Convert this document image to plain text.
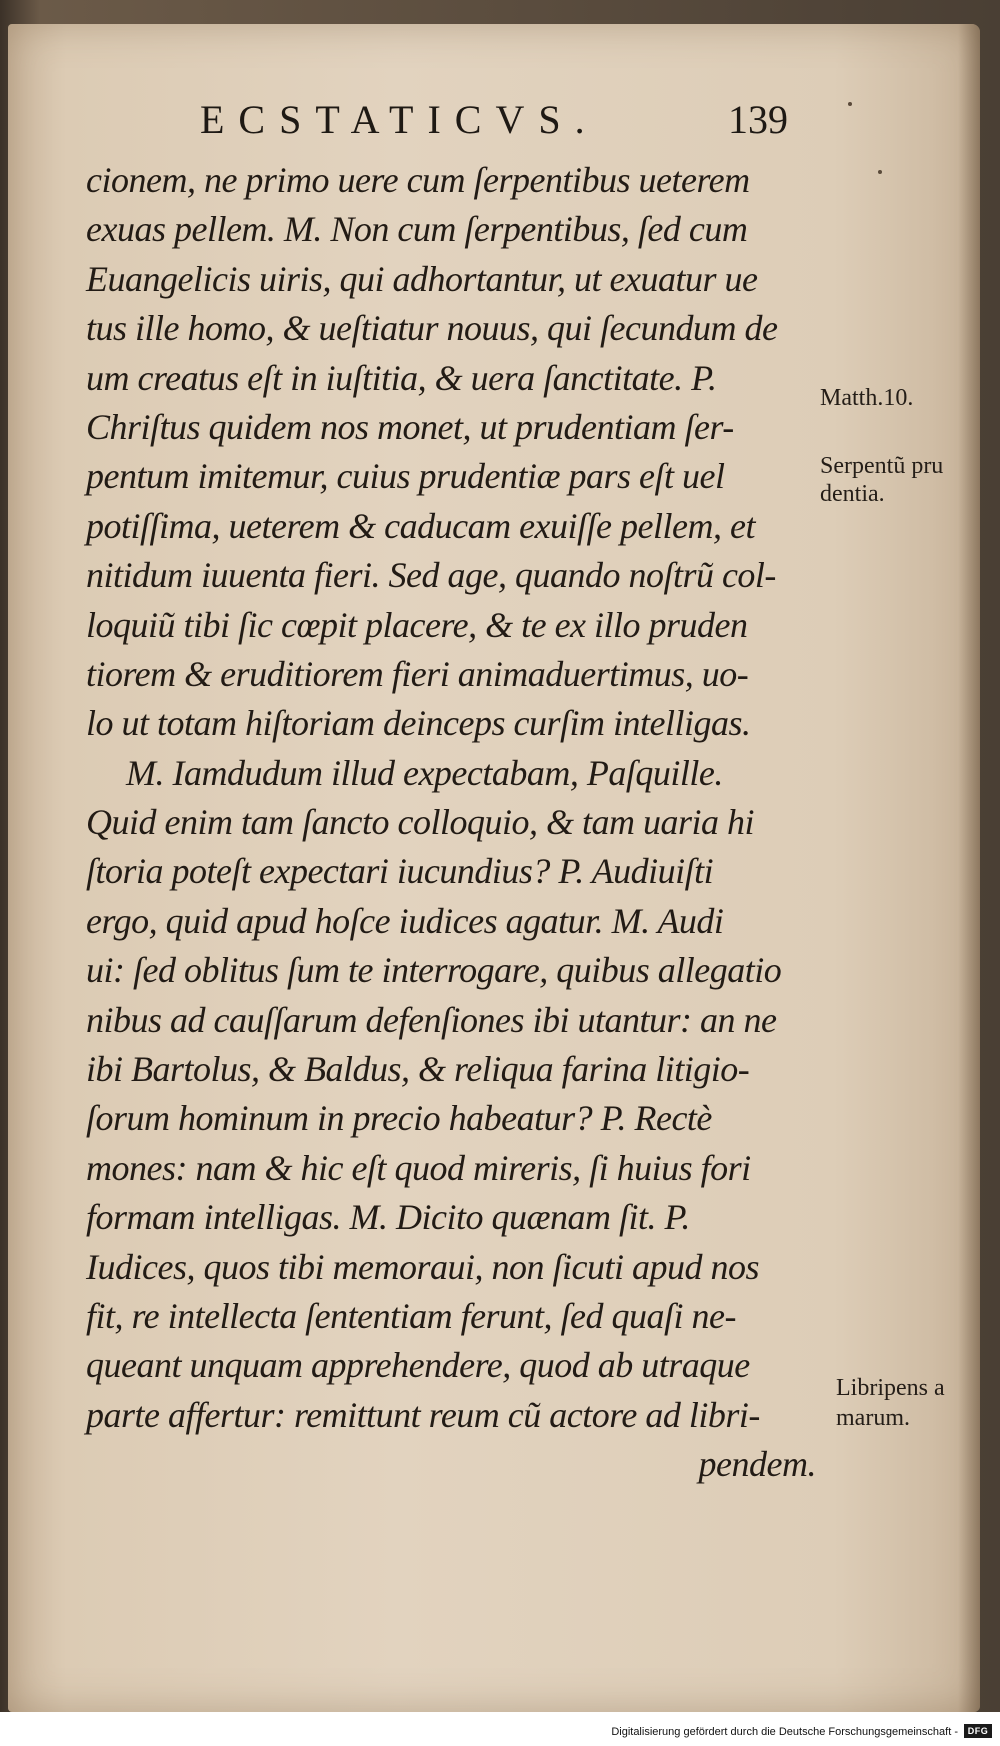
ECSTATICVS.	139
cionem, ne primo uere cum ſerpentibus ueterem
exuas pellem. M. Non cum ſerpentibus, ſed cum
Euangelicis uiris, qui adhortantur, ut exuatur ue
tus ille homo, & ueſtiatur nouus, qui ſecundum de
um creatus eſt in iuſtitia, & uera ſanctitate. P.
Chriſtus quidem nos monet, ut prudentiam ſer-
pentum imitemur, cuius prudentiæ pars eſt uel
potiſſima, ueterem & caducam exuiſſe pellem, et
nitidum iuuenta fieri. Sed age, quando noſtrũ col-
loquiũ tibi ſic cœpit placere, & te ex illo pruden
tiorem & eruditiorem fieri animaduertimus, uo-
lo ut totam hiſtoriam deinceps curſim intelligas.
M. Iamdudum illud expectabam, Paſquille.
Quid enim tam ſancto colloquio, & tam uaria hi
ſtoria poteſt expectari iucundius? P. Audiuiſti
ergo, quid apud hoſce iudices agatur. M. Audi
ui: ſed oblitus ſum te interrogare, quibus allegatio
nibus ad cauſſarum defenſiones ibi utantur: an ne
ibi Bartolus, & Baldus, & reliqua farina litigio-
ſorum hominum in precio habeatur? P. Rectè
mones: nam & hic eſt quod mireris, ſi huius fori
formam intelligas. M. Dicito quænam ſit. P.
Iudices, quos tibi memoraui, non ſicuti apud nos
fit, re intellecta ſententiam ferunt, ſed quaſi ne-
queant unquam apprehendere, quod ab utraque
parte affertur: remittunt reum cũ actore ad libri-
pendem.
Matth.10.
Serpentũ pru
dentia.
Libripens a
marum.
Digitalisierung gefördert durch die Deutsche Forschungsgemeinschaft -	DFG
